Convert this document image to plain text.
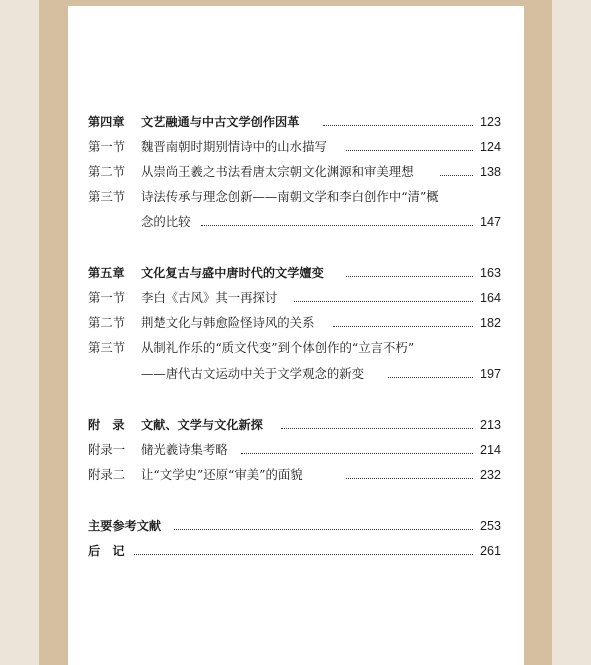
第四章 文艺融通与中古文学创作因革	123
第一节 魏晋南朝时期别情诗中的山水描写	124
第二节 从崇尚王羲之书法看唐太宗朝文化渊源和审美理想	138
第三节 诗法传承与理念创新——南朝文学和李白创作中“清”概
念的比较	147
第五章 文化复古与盛中唐时代的文学嬗变	163
第一节 李白《古风》其一再探讨	164
第二节 荆楚文化与韩愈险怪诗风的关系	182
第三节 从制礼作乐的“质文代变”到个体创作的“立言不朽”
——唐代古文运动中关于文学观念的新变	197
附　录 文献、文学与文化新探	213
附录一 储光羲诗集考略	214
附录二 让“文学史”还原“审美”的面貌	232
主要参考文献	253
后　记	261
